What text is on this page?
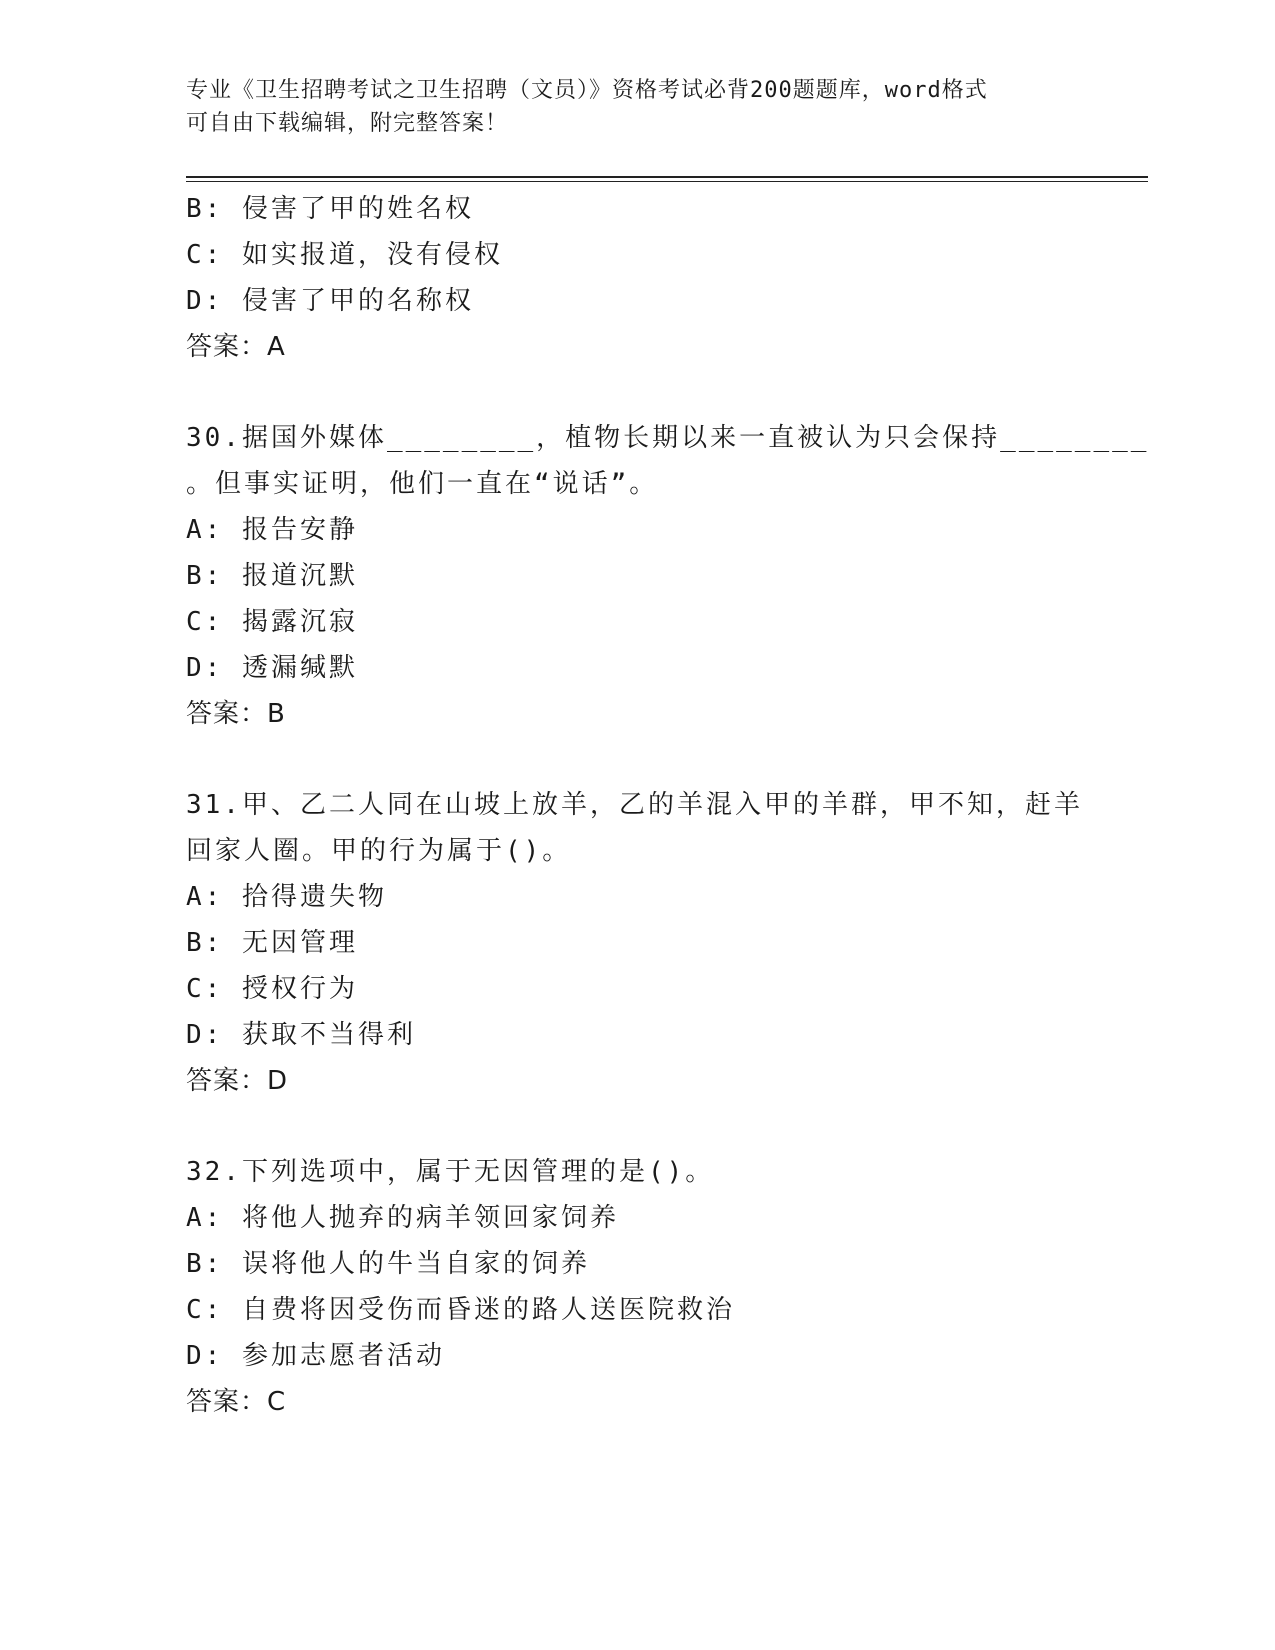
专业《卫生招聘考试之卫生招聘（文员）》资格考试必背200题题库，word格式
可自由下载编辑，附完整答案！
B: 侵害了甲的姓名权
C: 如实报道，没有侵权
D: 侵害了甲的名称权
答案：A
30.据国外媒体________，植物长期以来一直被认为只会保持________
。但事实证明，他们一直在“说话”。
A: 报告安静
B: 报道沉默
C: 揭露沉寂
D: 透漏缄默
答案：B
31.甲、乙二人同在山坡上放羊，乙的羊混入甲的羊群，甲不知，赶羊
回家人圈。甲的行为属于()。
A: 拾得遗失物
B: 无因管理
C: 授权行为
D: 获取不当得利
答案：D
32.下列选项中，属于无因管理的是()。
A: 将他人抛弃的病羊领回家饲养
B: 误将他人的牛当自家的饲养
C: 自费将因受伤而昏迷的路人送医院救治
D: 参加志愿者活动
答案：C
